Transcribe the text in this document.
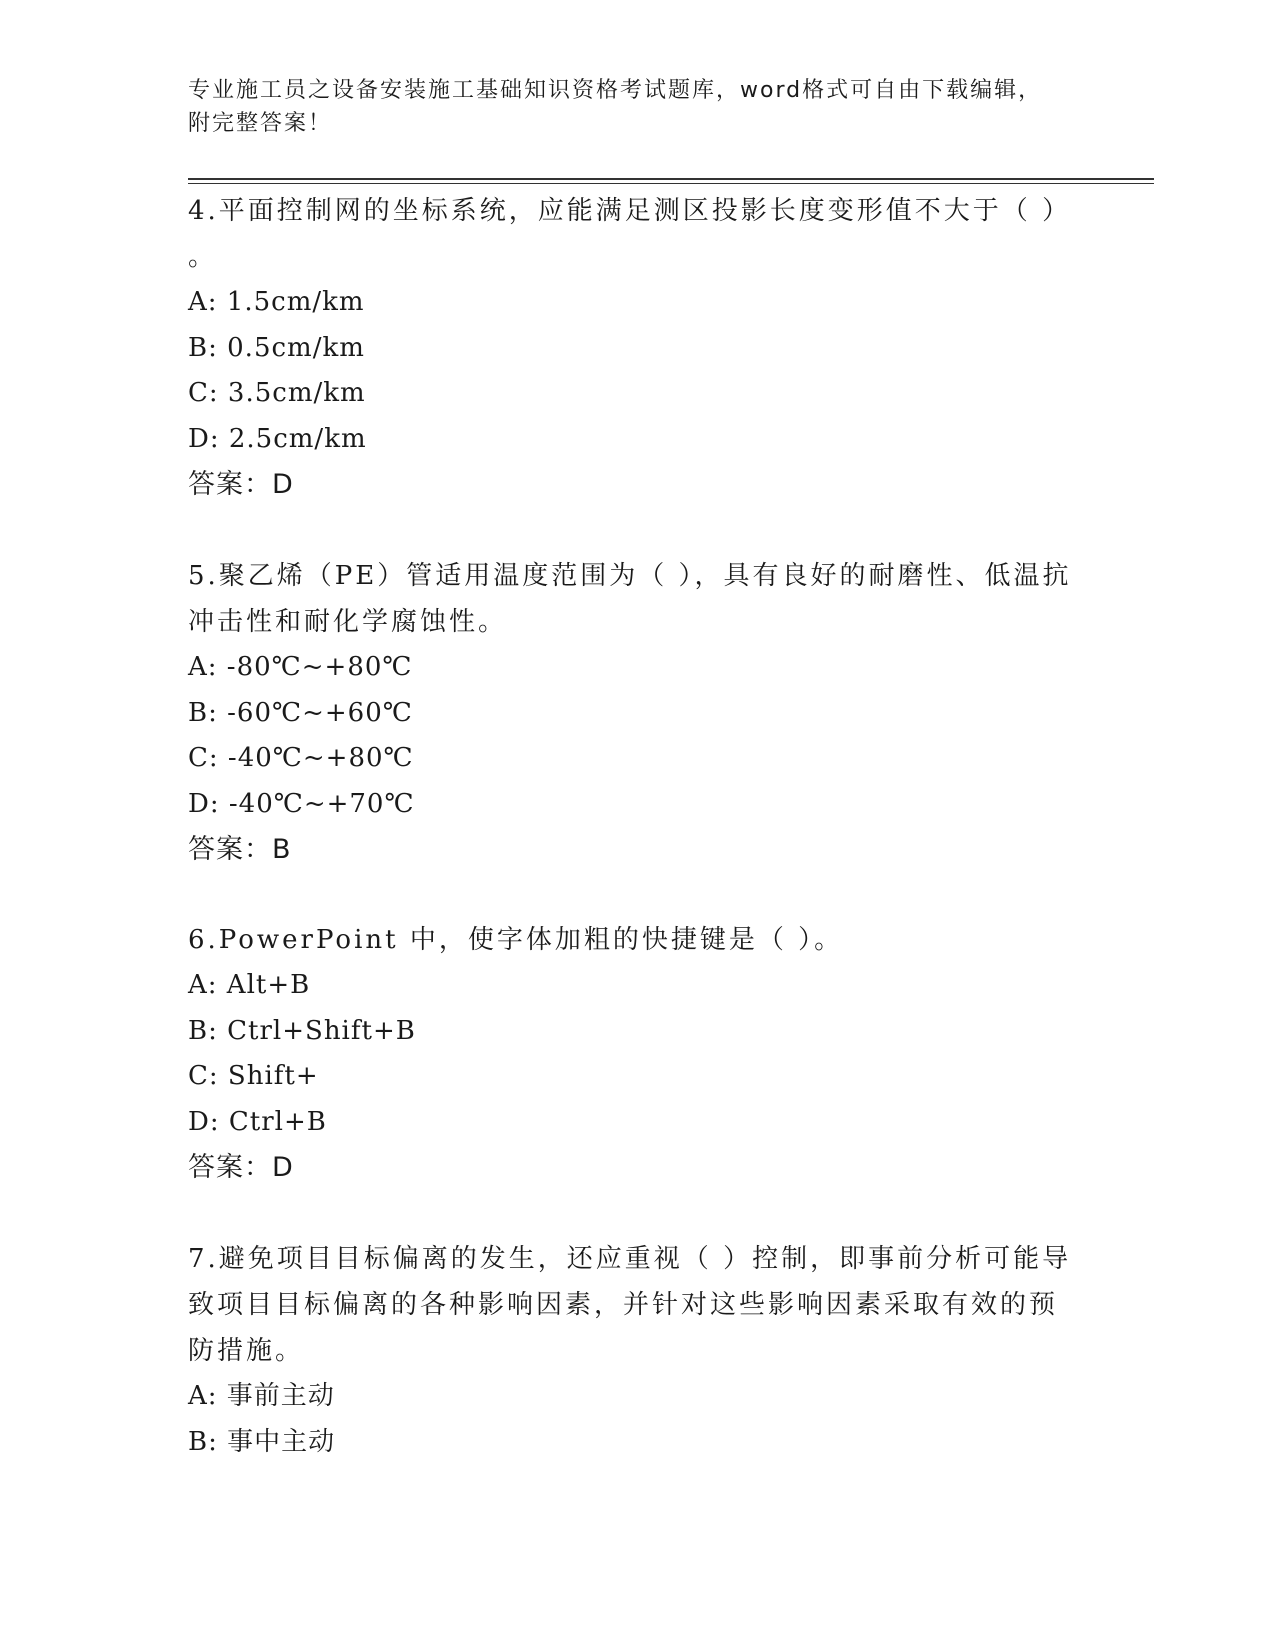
专业施工员之设备安装施工基础知识资格考试题库，word格式可自由下载编辑，
附完整答案！

4.平面控制网的坐标系统，应能满足测区投影长度变形值不大于（ ）
。

A: 1.5cm/km

B: 0.5cm/km

C: 3.5cm/km

D: 2.5cm/km

答案：D

5.聚乙烯（PE）管适用温度范围为（ ），具有良好的耐磨性、低温抗
冲击性和耐化学腐蚀性。

A: -80℃~+80℃

B: -60℃~+60℃

C: -40℃~+80℃

D: -40℃~+70℃

答案：B

6.PowerPoint 中，使字体加粗的快捷键是（ ）。

A: Alt+B

B: Ctrl+Shift+B

C: Shift+

D: Ctrl+B

答案：D

7.避免项目目标偏离的发生，还应重视（ ）控制，即事前分析可能导
致项目目标偏离的各种影响因素，并针对这些影响因素采取有效的预
防措施。

A: 事前主动

B: 事中主动
